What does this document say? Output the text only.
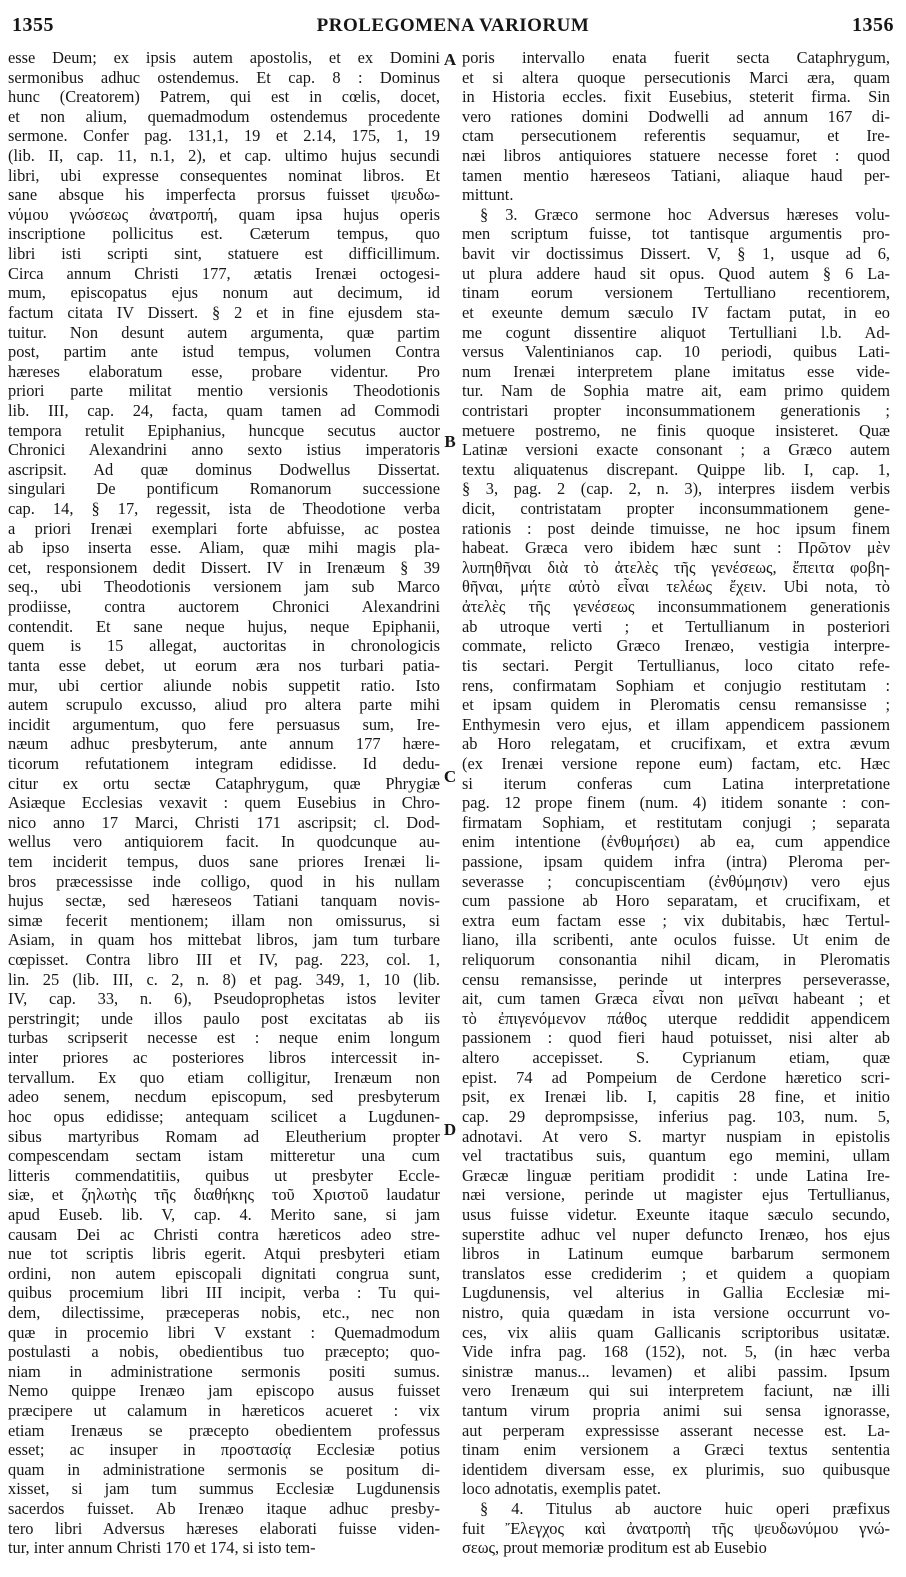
1355	PROLEGOMENA VARIORUM	1356
esse Deum; ex ipsis autem apostolis, et ex Domini
sermonibus adhuc ostendemus. Et cap. 8 : Dominus
hunc (Creatorem) Patrem, qui est in cœlis, docet,
et non alium, quemadmodum ostendemus procedente
sermone. Confer pag. 131,1, 19 et 2.14, 175, 1, 19
(lib. II, cap. 11, n.1, 2), et cap. ultimo hujus secundi
libri, ubi expresse consequentes nominat libros. Et
sane absque his imperfecta prorsus fuisset ψευδω-
νύμου γνώσεως ἀνατροπή, quam ipsa hujus operis
inscriptione pollicitus est. Cæterum tempus, quo
libri isti scripti sint, statuere est difficillimum.
Circa annum Christi 177, ætatis Irenæi octogesi-
mum, episcopatus ejus nonum aut decimum, id
factum citata IV Dissert. § 2 et in fine ejusdem sta-
tuitur. Non desunt autem argumenta, quæ partim
post, partim ante istud tempus, volumen Contra
hæreses elaboratum esse, probare videntur. Pro
priori parte militat mentio versionis Theodotionis
lib. III, cap. 24, facta, quam tamen ad Commodi
tempora retulit Epiphanius, huncque secutus auctor
Chronici Alexandrini anno sexto istius imperatoris
ascripsit. Ad quæ dominus Dodwellus Dissertat.
singulari De pontificum Romanorum successione
cap. 14, § 17, regessit, ista de Theodotione verba
a priori Irenæi exemplari forte abfuisse, ac postea
ab ipso inserta esse. Aliam, quæ mihi magis pla-
cet, responsionem dedit Dissert. IV in Irenæum § 39
seq., ubi Theodotionis versionem jam sub Marco
prodiisse, contra auctorem Chronici Alexandrini
contendit. Et sane neque hujus, neque Epiphanii,
quem is 15 allegat, auctoritas in chronologicis
tanta esse debet, ut eorum æra nos turbari patia-
mur, ubi certior aliunde nobis suppetit ratio. Isto
autem scrupulo excusso, aliud pro altera parte mihi
incidit argumentum, quo fere persuasus sum, Ire-
næum adhuc presbyterum, ante annum 177 hære-
ticorum refutationem integram edidisse. Id dedu-
citur ex ortu sectæ Cataphrygum, quæ Phrygiæ
Asiæque Ecclesias vexavit : quem Eusebius in Chro-
nico anno 17 Marci, Christi 171 ascripsit; cl. Dod-
wellus vero antiquiorem facit. In quodcunque au-
tem inciderit tempus, duos sane priores Irenæi li-
bros præcessisse inde colligo, quod in his nullam
hujus sectæ, sed hæreseos Tatiani tanquam novis-
simæ fecerit mentionem; illam non omissurus, si
Asiam, in quam hos mittebat libros, jam tum turbare
cœpisset. Contra libro III et IV, pag. 223, col. 1,
lin. 25 (lib. III, c. 2, n. 8) et pag. 349, 1, 10 (lib.
IV, cap. 33, n. 6), Pseudoprophetas istos leviter
perstringit; unde illos paulo post excitatas ab iis
turbas scripserit necesse est : neque enim longum
inter priores ac posteriores libros intercessit in-
tervallum. Ex quo etiam colligitur, Irenæum non
adeo senem, necdum episcopum, sed presbyterum
hoc opus edidisse; antequam scilicet a Lugdunen-
sibus martyribus Romam ad Eleutherium propter
compescendam sectam istam mitteretur una cum
litteris commendatitiis, quibus ut presbyter Eccle-
siæ, et ζηλωτὴς τῆς διαθήκης τοῦ Χριστοῦ laudatur
apud Euseb. lib. V, cap. 4. Merito sane, si jam
causam Dei ac Christi contra hæreticos adeo stre-
nue tot scriptis libris egerit. Atqui presbyteri etiam
ordini, non autem episcopali dignitati congrua sunt,
quibus procemium libri III incipit, verba : Tu qui-
dem, dilectissime, præceperas nobis, etc., nec non
quæ in procemio libri V exstant : Quemadmodum
postulasti a nobis, obedientibus tuo præcepto; quo-
niam in administratione sermonis positi sumus.
Nemo quippe Irenæo jam episcopo ausus fuisset
præcipere ut calamum in hæreticos acueret : vix
etiam Irenæus se præcepto obedientem professus
esset; ac insuper in προστασίᾳ Ecclesiæ potius
quam in administratione sermonis se positum di-
xisset, si jam tum summus Ecclesiæ Lugdunensis
sacerdos fuisset. Ab Irenæo itaque adhuc presby-
tero libri Adversus hæreses elaborati fuisse viden-
tur, inter annum Christi 170 et 174, si isto tem-
poris intervallo enata fuerit secta Cataphrygum,
et si altera quoque persecutionis Marci æra, quam
in Historia eccles. fixit Eusebius, steterit firma. Sin
vero rationes domini Dodwelli ad annum 167 di-
ctam persecutionem referentis sequamur, et Ire-
næi libros antiquiores statuere necesse foret : quod
tamen mentio hæreseos Tatiani, aliaque haud per-
mittunt.
§ 3. Græco sermone hoc Adversus hæreses volu-
men scriptum fuisse, tot tantisque argumentis pro-
bavit vir doctissimus Dissert. V, § 1, usque ad 6,
ut plura addere haud sit opus. Quod autem § 6 La-
tinam eorum versionem Tertulliano recentiorem,
et exeunte demum sæculo IV factam putat, in eo
me cogunt dissentire aliquot Tertulliani l.b. Ad-
versus Valentinianos cap. 10 periodi, quibus Lati-
num Irenæi interpretem plane imitatus esse vide-
tur. Nam de Sophia matre ait, eam primo quidem
contristari propter inconsummationem generationis ;
metuere postremo, ne finis quoque insisteret. Quæ
Latinæ versioni exacte consonant ; a Græco autem
textu aliquatenus discrepant. Quippe lib. I, cap. 1,
§ 3, pag. 2 (cap. 2, n. 3), interpres iisdem verbis
dicit, contristatam propter inconsummationem gene-
rationis : post deinde timuisse, ne hoc ipsum finem
habeat. Græca vero ibidem hæc sunt : Πρῶτον μὲν
λυπηθῆναι διὰ τὸ ἀτελὲς τῆς γενέσεως, ἔπειτα φοβη-
θῆναι, μήτε αὐτὸ εἶναι τελέως ἔχειν. Ubi nota, τὸ
ἀτελὲς τῆς γενέσεως inconsummationem generationis
ab utroque verti ; et Tertullianum in posteriori
commate, relicto Græco Irenæo, vestigia interpre-
tis sectari. Pergit Tertullianus, loco citato refe-
rens, confirmatam Sophiam et conjugio restitutam :
et ipsam quidem in Pleromatis censu remansisse ;
Enthymesin vero ejus, et illam appendicem passionem
ab Horo relegatam, et crucifixam, et extra ævum
(ex Irenæi versione repone eum) factam, etc. Hæc
si iterum conferas cum Latina interpretatione
pag. 12 prope finem (num. 4) itidem sonante : con-
firmatam Sophiam, et restitutam conjugi ; separata
enim intentione (ἐνθυμήσει) ab ea, cum appendice
passione, ipsam quidem infra (intra) Pleroma per-
severasse ; concupiscentiam (ἐνθύμησιν) vero ejus
cum passione ab Horo separatam, et crucifixam, et
extra eum factam esse ; vix dubitabis, hæc Tertul-
liano, illa scribenti, ante oculos fuisse. Ut enim de
reliquorum consonantia nihil dicam, in Pleromatis
censu remansisse, perinde ut interpres perseverasse,
ait, cum tamen Græca εἶναι non μεῖναι habeant ; et
τὸ ἐπιγενόμενον πάθος uterque reddidit appendicem
passionem : quod fieri haud potuisset, nisi alter ab
altero accepisset. S. Cyprianum etiam, quæ
epist. 74 ad Pompeium de Cerdone hæretico scri-
psit, ex Irenæi lib. I, capitis 28 fine, et initio
cap. 29 deprompsisse, inferius pag. 103, num. 5,
adnotavi. At vero S. martyr nuspiam in epistolis
vel tractatibus suis, quantum ego memini, ullam
Græcæ linguæ peritiam prodidit : unde Latina Ire-
næi versione, perinde ut magister ejus Tertullianus,
usus fuisse videtur. Exeunte itaque sæculo secundo,
superstite adhuc vel nuper defuncto Irenæo, hos ejus
libros in Latinum eumque barbarum sermonem
translatos esse crediderim ; et quidem a quopiam
Lugdunensis, vel alterius in Gallia Ecclesiæ mi-
nistro, quia quædam in ista versione occurrunt vo-
ces, vix aliis quam Gallicanis scriptoribus usitatæ.
Vide infra pag. 168 (152), not. 5, (in hæc verba
sinistræ manus... levamen) et alibi passim. Ipsum
vero Irenæum qui sui interpretem faciunt, næ illi
tantum virum propria animi sui sensa ignorasse,
aut perperam expressisse asserant necesse est. La-
tinam enim versionem a Græci textus sententia
identidem diversam esse, ex plurimis, suo quibusque
loco adnotatis, exemplis patet.
§ 4. Titulus ab auctore huic operi præfixus
fuit Ἔλεγχος καὶ ἀνατροπὴ τῆς ψευδωνύμου γνώ-
σεως, prout memoriæ proditum est ab Eusebio
A
B
C
D
